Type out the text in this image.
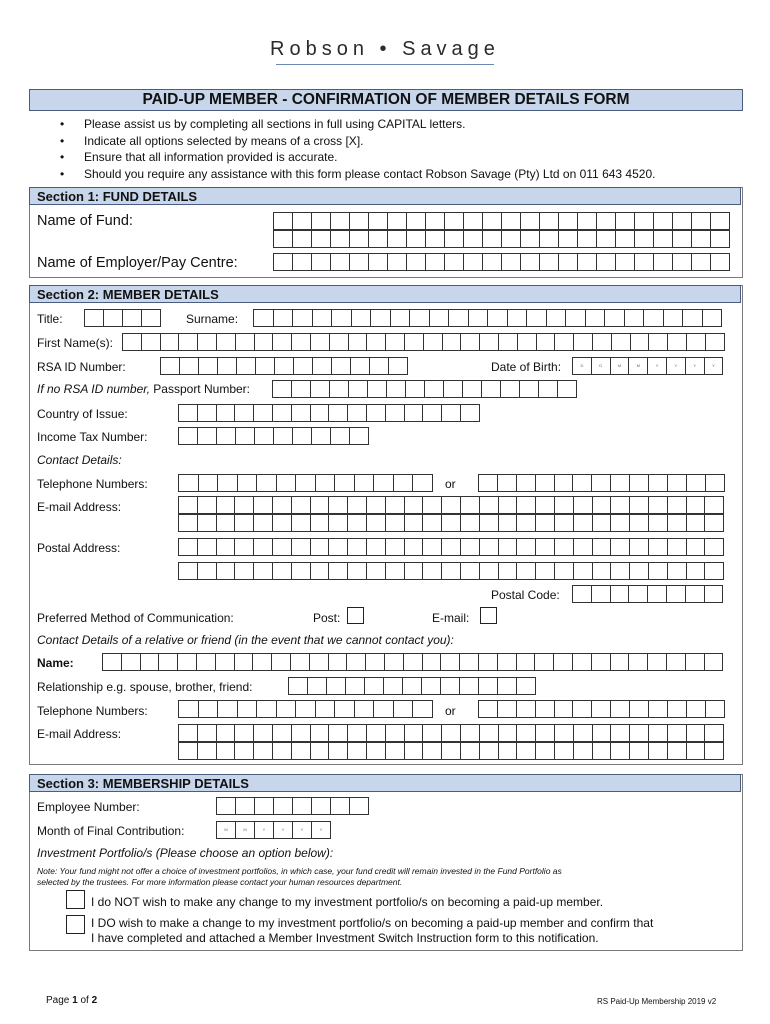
Robson • Savage
PAID-UP MEMBER - CONFIRMATION OF MEMBER DETAILS FORM
• Please assist us by completing all sections in full using CAPITAL letters.
• Indicate all options selected by means of a cross [X].
• Ensure that all information provided is accurate.
• Should you require any assistance with this form please contact Robson Savage (Pty) Ltd on 011 643 4520.
Section 1: FUND DETAILS
Name of Fund:
Name of Employer/Pay Centre:
Section 2: MEMBER DETAILS
Title:	Surname:
First Name(s):
RSA ID Number:	Date of Birth:	D	D	M	M	Y	Y	Y	Y
If no RSA ID number, Passport Number:
Country of Issue:
Income Tax Number:
Contact Details:
Telephone Numbers:	or
E-mail Address:
Postal Address:
Postal Code:
Preferred Method of Communication:	Post:	E-mail:
Contact Details of a relative or friend (in the event that we cannot contact you):
Name:
Relationship e.g. spouse, brother, friend:
Telephone Numbers:	or
E-mail Address:
Section 3: MEMBERSHIP DETAILS
Employee Number:
Month of Final Contribution:	M	M	Y	Y	Y	Y
Investment Portfolio/s (Please choose an option below):
Note: Your fund might not offer a choice of investment portfolios, in which case, your fund credit will remain invested in the Fund Portfolio as
selected by the trustees. For more information please contact your human resources department.
I do NOT wish to make any change to my investment portfolio/s on becoming a paid-up member.
I DO wish to make a change to my investment portfolio/s on becoming a paid-up member and confirm that
I have completed and attached a Member Investment Switch Instruction form to this notification.
Page 1 of 2	RS Paid-Up Membership 2019 v2
